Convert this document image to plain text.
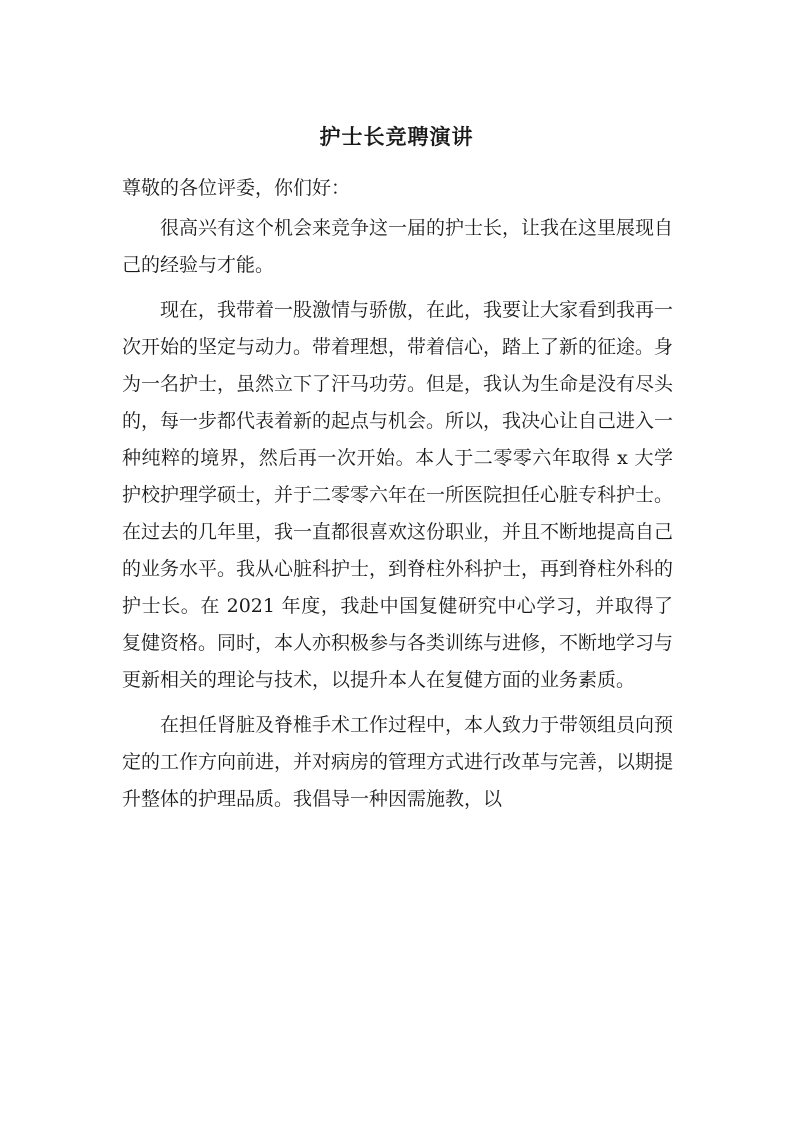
护士长竞聘演讲

尊敬的各位评委，你们好：

很高兴有这个机会来竞争这一届的护士长，让我在这里展现自己的经验与才能。

现在，我带着一股激情与骄傲，在此，我要让大家看到我再一次开始的坚定与动力。带着理想，带着信心，踏上了新的征途。身为一名护士，虽然立下了汗马功劳。但是，我认为生命是没有尽头的，每一步都代表着新的起点与机会。所以，我决心让自己进入一种纯粹的境界，然后再一次开始。本人于二零零六年取得 x 大学护校护理学硕士，并于二零零六年在一所医院担任心脏专科护士。在过去的几年里，我一直都很喜欢这份职业，并且不断地提高自己的业务水平。我从心脏科护士，到脊柱外科护士，再到脊柱外科的护士长。在 2021 年度，我赴中国复健研究中心学习，并取得了复健资格。同时，本人亦积极参与各类训练与进修，不断地学习与更新相关的理论与技术，以提升本人在复健方面的业务素质。

在担任肾脏及脊椎手术工作过程中，本人致力于带领组员向预定的工作方向前进，并对病房的管理方式进行改革与完善，以期提升整体的护理品质。我倡导一种因需施教，以
